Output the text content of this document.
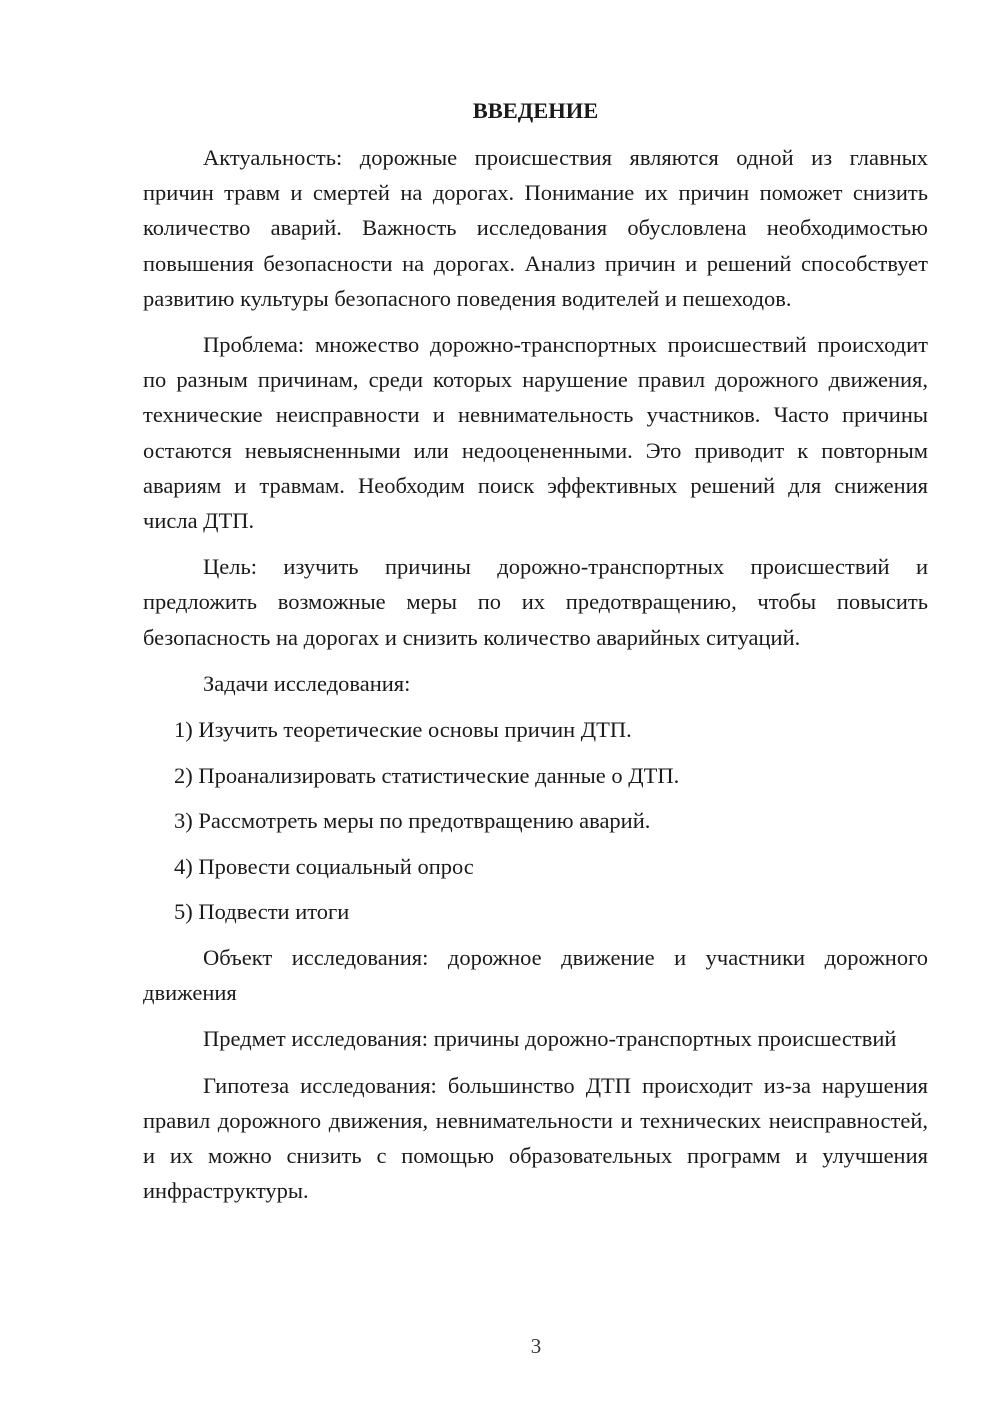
ВВЕДЕНИЕ

Актуальность: дорожные происшествия являются одной из главных причин травм и смертей на дорогах. Понимание их причин поможет снизить количество аварий. Важность исследования обусловлена необходимостью повышения безопасности на дорогах. Анализ причин и решений способствует развитию культуры безопасного поведения водителей и пешеходов.

Проблема: множество дорожно-транспортных происшествий происходит по разным причинам, среди которых нарушение правил дорожного движения, технические неисправности и невнимательность участников. Часто причины остаются невыясненными или недооцененными. Это приводит к повторным авариям и травмам. Необходим поиск эффективных решений для снижения числа ДТП.

Цель: изучить причины дорожно-транспортных происшествий и предложить возможные меры по их предотвращению, чтобы повысить безопасность на дорогах и снизить количество аварийных ситуаций.

Задачи исследования:

1) Изучить теоретические основы причин ДТП.
2) Проанализировать статистические данные о ДТП.
3) Рассмотреть меры по предотвращению аварий.
4) Провести социальный опрос
5) Подвести итоги

Объект исследования: дорожное движение и участники дорожного движения

Предмет исследования: причины дорожно-транспортных происшествий

Гипотеза исследования: большинство ДТП происходит из-за нарушения правил дорожного движения, невнимательности и технических неисправностей, и их можно снизить с помощью образовательных программ и улучшения инфраструктуры.

3
